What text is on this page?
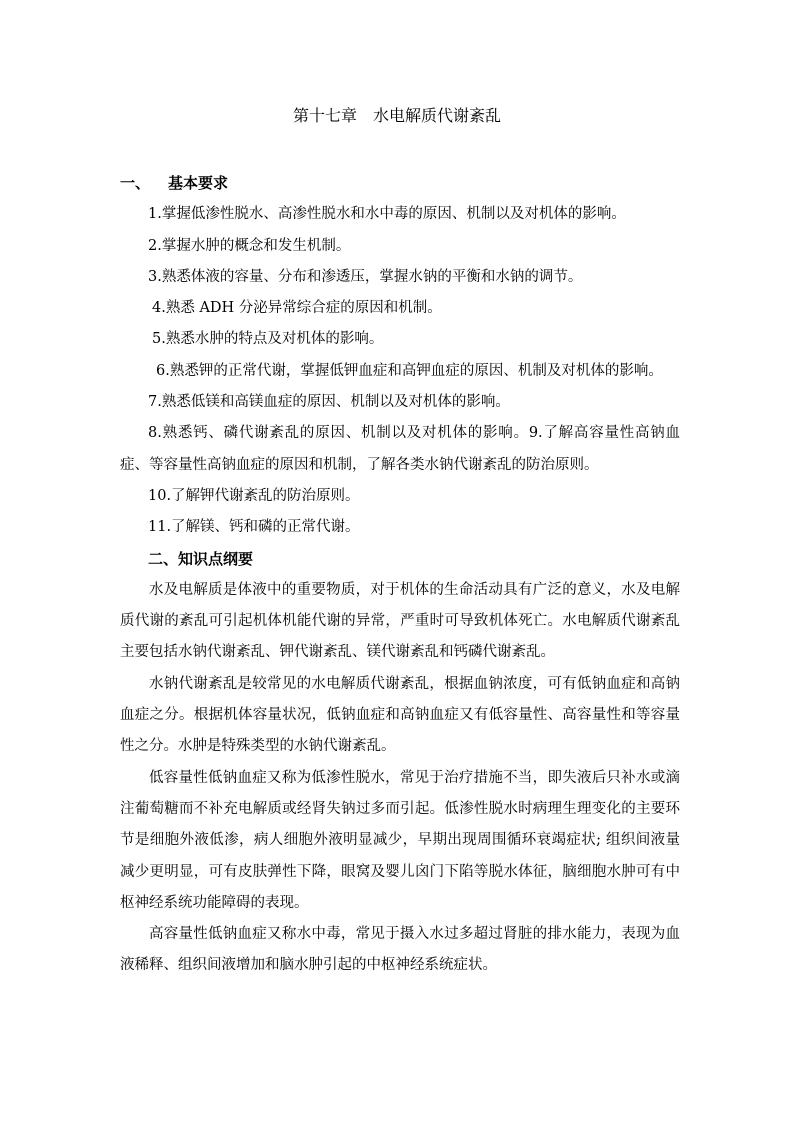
第十七章　水电解质代谢紊乱

一、 基本要求

1.掌握低渗性脱水、高渗性脱水和水中毒的原因、机制以及对机体的影响。

2.掌握水肿的概念和发生机制。

3.熟悉体液的容量、分布和渗透压，掌握水钠的平衡和水钠的调节。

4.熟悉 ADH 分泌异常综合症的原因和机制。

5.熟悉水肿的特点及对机体的影响。

6.熟悉钾的正常代谢，掌握低钾血症和高钾血症的原因、机制及对机体的影响。

7.熟悉低镁和高镁血症的原因、机制以及对机体的影响。

8.熟悉钙、磷代谢紊乱的原因、机制以及对机体的影响。9.了解高容量性高钠血症、等容量性高钠血症的原因和机制，了解各类水钠代谢紊乱的防治原则。

10.了解钾代谢紊乱的防治原则。

11.了解镁、钙和磷的正常代谢。

二、知识点纲要

水及电解质是体液中的重要物质，对于机体的生命活动具有广泛的意义，水及电解质代谢的紊乱可引起机体机能代谢的异常，严重时可导致机体死亡。水电解质代谢紊乱主要包括水钠代谢紊乱、钾代谢紊乱、镁代谢紊乱和钙磷代谢紊乱。

水钠代谢紊乱是较常见的水电解质代谢紊乱，根据血钠浓度，可有低钠血症和高钠血症之分。根据机体容量状况，低钠血症和高钠血症又有低容量性、高容量性和等容量性之分。水肿是特殊类型的水钠代谢紊乱。

低容量性低钠血症又称为低渗性脱水，常见于治疗措施不当，即失液后只补水或滴注葡萄糖而不补充电解质或经肾失钠过多而引起。低渗性脱水时病理生理变化的主要环节是细胞外液低渗，病人细胞外液明显减少，早期出现周围循环衰竭症状; 组织间液量减少更明显，可有皮肤弹性下降，眼窝及婴儿囟门下陷等脱水体征，脑细胞水肿可有中枢神经系统功能障碍的表现。

高容量性低钠血症又称水中毒，常见于摄入水过多超过肾脏的排水能力，表现为血液稀释、组织间液增加和脑水肿引起的中枢神经系统症状。
